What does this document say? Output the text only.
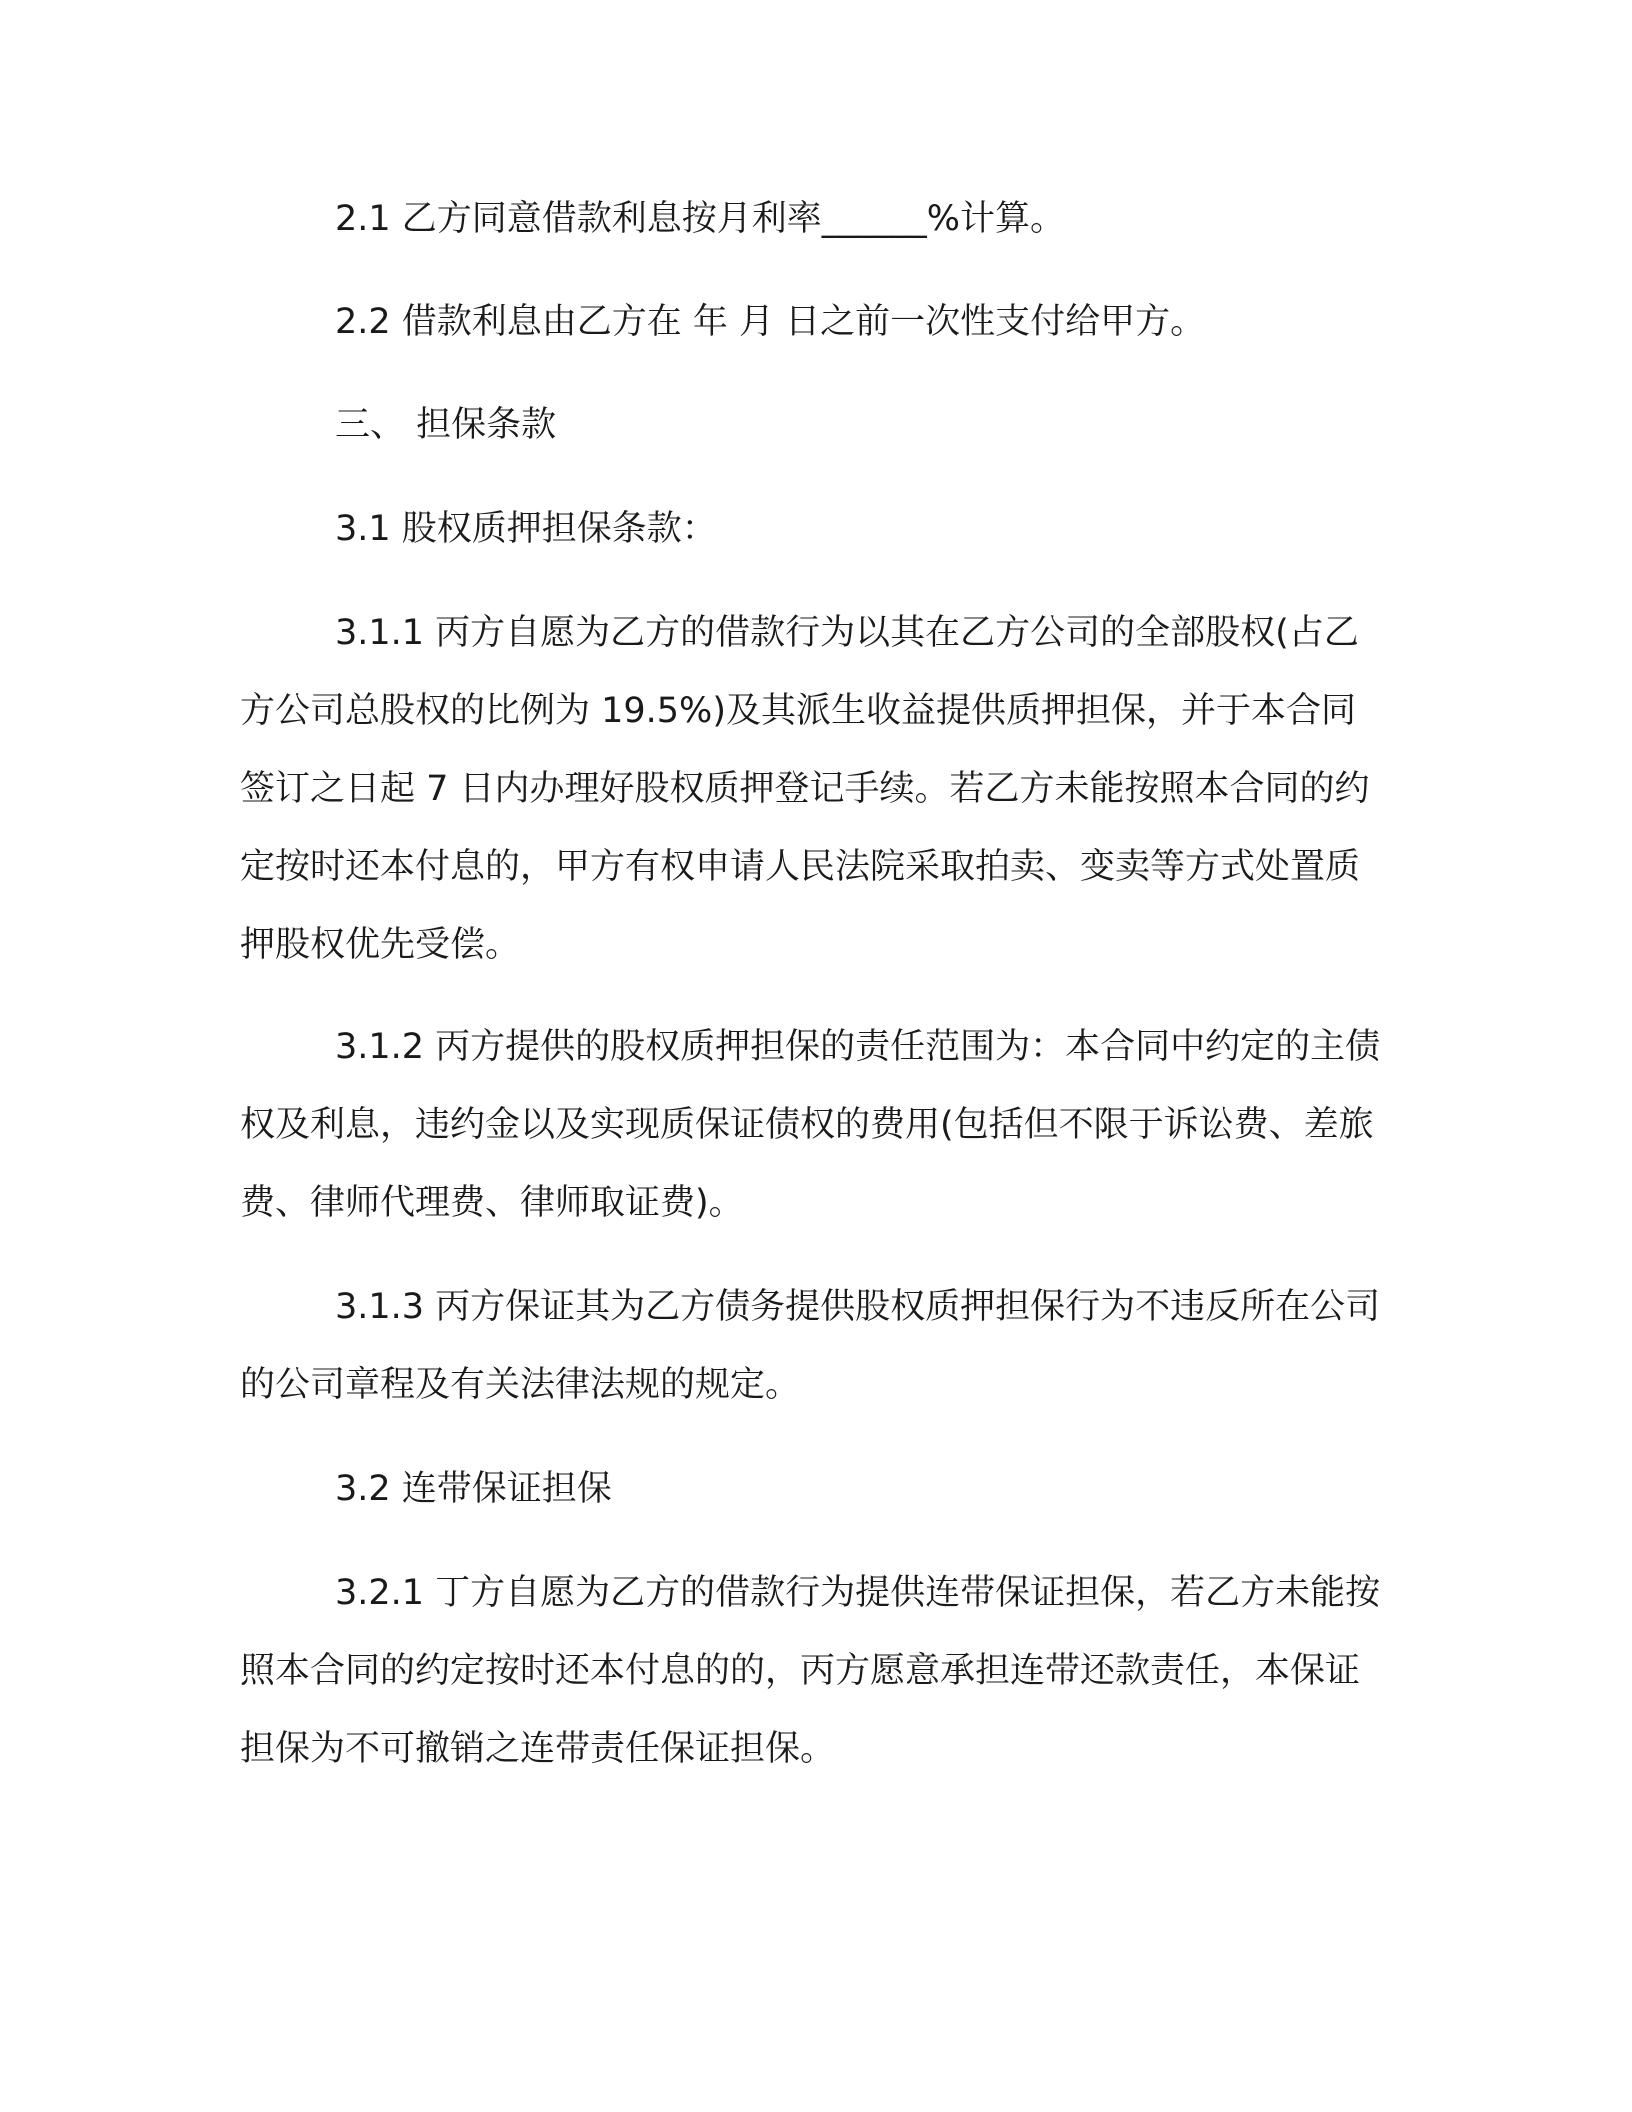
2.1 乙方同意借款利息按月利率______%计算。

2.2 借款利息由乙方在 年 月 日之前一次性支付给甲方。

三、 担保条款

3.1 股权质押担保条款：

3.1.1 丙方自愿为乙方的借款行为以其在乙方公司的全部股权(占乙方公司总股权的比例为 19.5%)及其派生收益提供质押担保，并于本合同签订之日起 7 日内办理好股权质押登记手续。若乙方未能按照本合同的约定按时还本付息的，甲方有权申请人民法院采取拍卖、变卖等方式处置质押股权优先受偿。

3.1.2 丙方提供的股权质押担保的责任范围为：本合同中约定的主债权及利息，违约金以及实现质保证债权的费用(包括但不限于诉讼费、差旅费、律师代理费、律师取证费)。

3.1.3 丙方保证其为乙方债务提供股权质押担保行为不违反所在公司的公司章程及有关法律法规的规定。

3.2 连带保证担保

3.2.1 丁方自愿为乙方的借款行为提供连带保证担保，若乙方未能按照本合同的约定按时还本付息的的，丙方愿意承担连带还款责任，本保证担保为不可撤销之连带责任保证担保。
